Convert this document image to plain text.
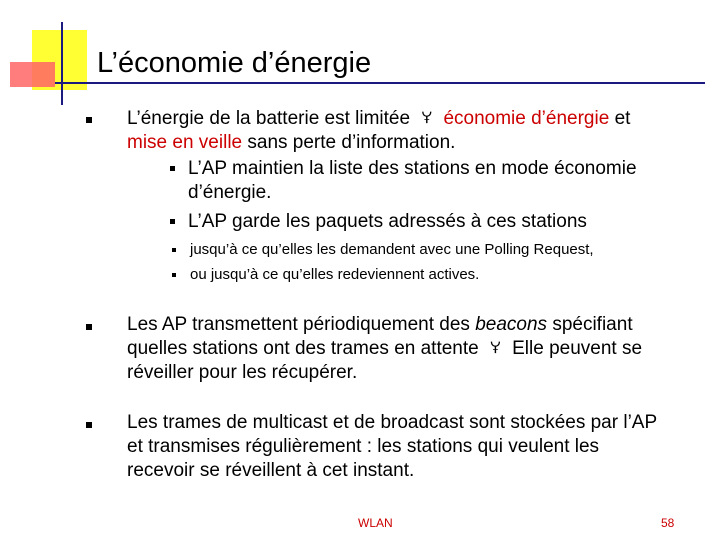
L’économie d’énergie
L’énergie de la batterie est limitée 🝁 économie d’énergie et
mise en veille sans perte d’information.
L’AP maintien la liste des stations en mode économie
d’énergie.
L’AP garde les paquets adressés à ces stations
jusqu’à ce qu’elles les demandent avec une Polling Request,
ou jusqu’à ce qu’elles redeviennent actives.
Les AP transmettent périodiquement des beacons spécifiant
quelles stations ont des trames en attente 🝁 Elle peuvent se
réveiller pour les récupérer.
Les trames de multicast et de broadcast sont stockées par l’AP
et transmises régulièrement : les stations qui veulent les
recevoir se réveillent à cet instant.
WLAN	58
